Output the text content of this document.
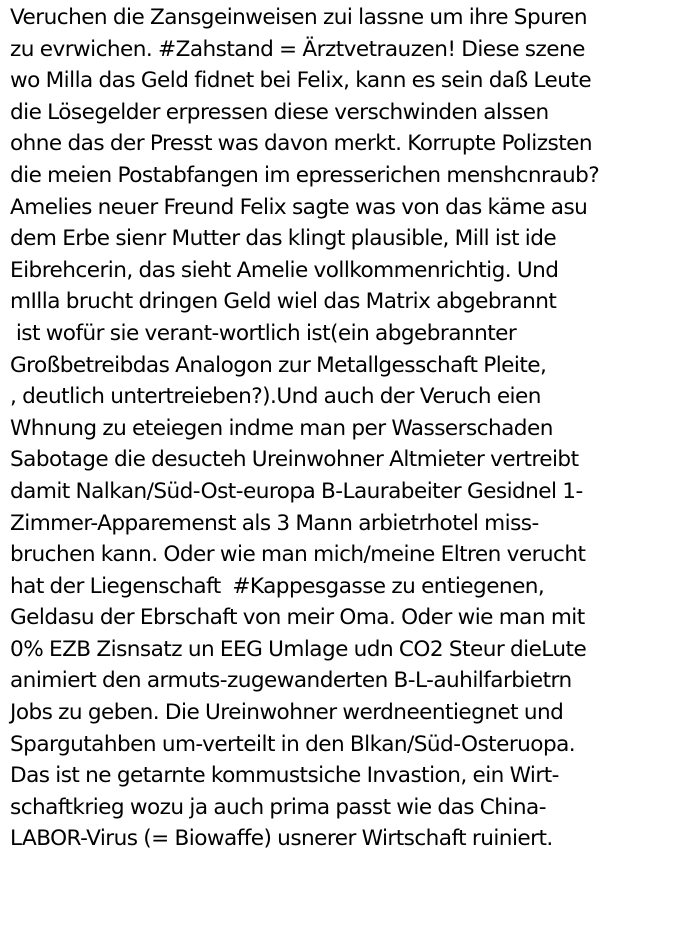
Veruchen die Zansgeinweisen zui lassne um ihre Spuren
zu evrwichen. #Zahstand = Ärztvetrauzen! Diese szene
wo Milla das Geld fidnet bei Felix, kann es sein daß Leute
die Lösegelder erpressen diese verschwinden alssen
ohne das der Presst was davon merkt. Korrupte Polizsten
die meien Postabfangen im epresserichen menshcnraub?
Amelies neuer Freund Felix sagte was von das käme asu
dem Erbe sienr Mutter das klingt plausible, Mill ist ide
Eibrehcerin, das sieht Amelie vollkommenrichtig. Und
mIlla brucht dringen Geld wiel das Matrix abgebrannt
ist wofür sie verant-wortlich ist(ein abgebrannter
Großbetreibdas Analogon zur Metallgesschaft Pleite,
, deutlich untertreieben?).Und auch der Veruch eien
Whnung zu eteiegen indme man per Wasserschaden
Sabotage die desucteh Ureinwohner Altmieter vertreibt
damit Nalkan/Süd-Ost-europa B-Laurabeiter Gesidnel 1-
Zimmer-Apparemenst als 3 Mann arbietrhotel miss-
bruchen kann. Oder wie man mich/meine Eltren verucht
hat der Liegenschaft  #Kappesgasse zu entiegenen,
Geldasu der Ebrschaft von meir Oma. Oder wie man mit
0% EZB Zisnsatz un EEG Umlage udn CO2 Steur dieLute
animiert den armuts-zugewanderten B-L-auhilfarbietrn
Jobs zu geben. Die Ureinwohner werdneentiegnet und
Spargutahben um-verteilt in den Blkan/Süd-Osteruopa.
Das ist ne getarnte kommustsiche Invastion, ein Wirt-
schaftkrieg wozu ja auch prima passt wie das China-
LABOR-Virus (= Biowaffe) usnerer Wirtschaft ruiniert.
